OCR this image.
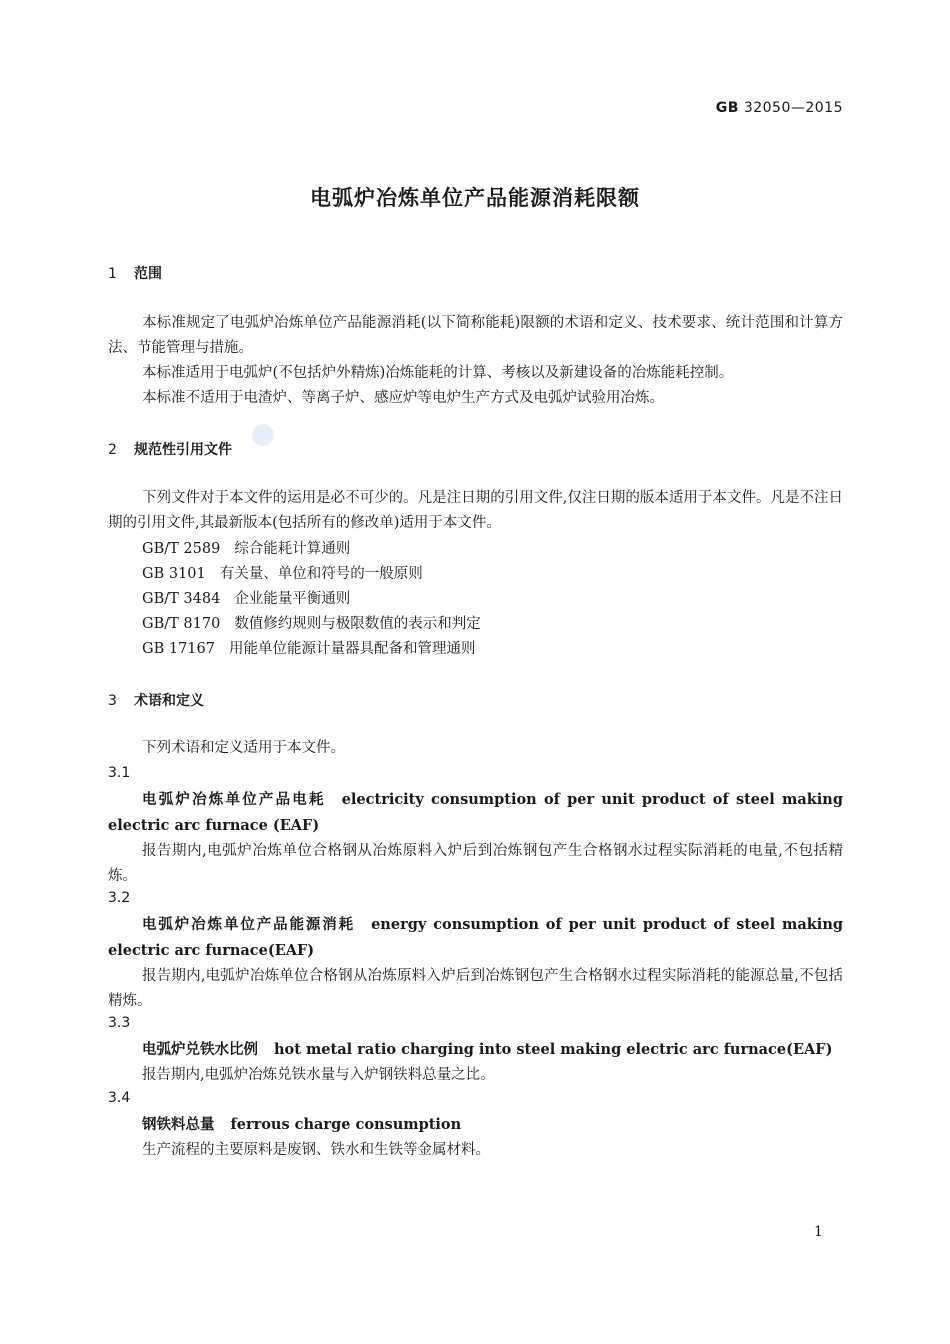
GB 32050—2015
电弧炉冶炼单位产品能源消耗限额
1 范围

本标准规定了电弧炉冶炼单位产品能源消耗(以下简称能耗)限额的术语和定义、技术要求、统计范围和计算方法、节能管理与措施。

本标准适用于电弧炉(不包括炉外精炼)冶炼能耗的计算、考核以及新建设备的冶炼能耗控制。

本标准不适用于电渣炉、等离子炉、感应炉等电炉生产方式及电弧炉试验用冶炼。

2 规范性引用文件

下列文件对于本文件的运用是必不可少的。凡是注日期的引用文件,仅注日期的版本适用于本文件。凡是不注日期的引用文件,其最新版本(包括所有的修改单)适用于本文件。

GB/T 2589 综合能耗计算通则
GB 3101 有关量、单位和符号的一般原则
GB/T 3484 企业能量平衡通则
GB/T 8170 数值修约规则与极限数值的表示和判定
GB 17167 用能单位能源计量器具配备和管理通则
3 术语和定义

下列术语和定义适用于本文件。

3.1

电弧炉冶炼单位产品电耗 electricity consumption of per unit product of steel making electric arc furnace (EAF)

报告期内,电弧炉冶炼单位合格钢从冶炼原料入炉后到冶炼钢包产生合格钢水过程实际消耗的电量,不包括精炼。

3.2

电弧炉冶炼单位产品能源消耗 energy consumption of per unit product of steel making electric arc furnace(EAF)

报告期内,电弧炉冶炼单位合格钢从冶炼原料入炉后到冶炼钢包产生合格钢水过程实际消耗的能源总量,不包括精炼。

3.3

电弧炉兑铁水比例 hot metal ratio charging into steel making electric arc furnace(EAF)

报告期内,电弧炉冶炼兑铁水量与入炉钢铁料总量之比。

3.4

钢铁料总量 ferrous charge consumption

生产流程的主要原料是废钢、铁水和生铁等金属材料。

1
